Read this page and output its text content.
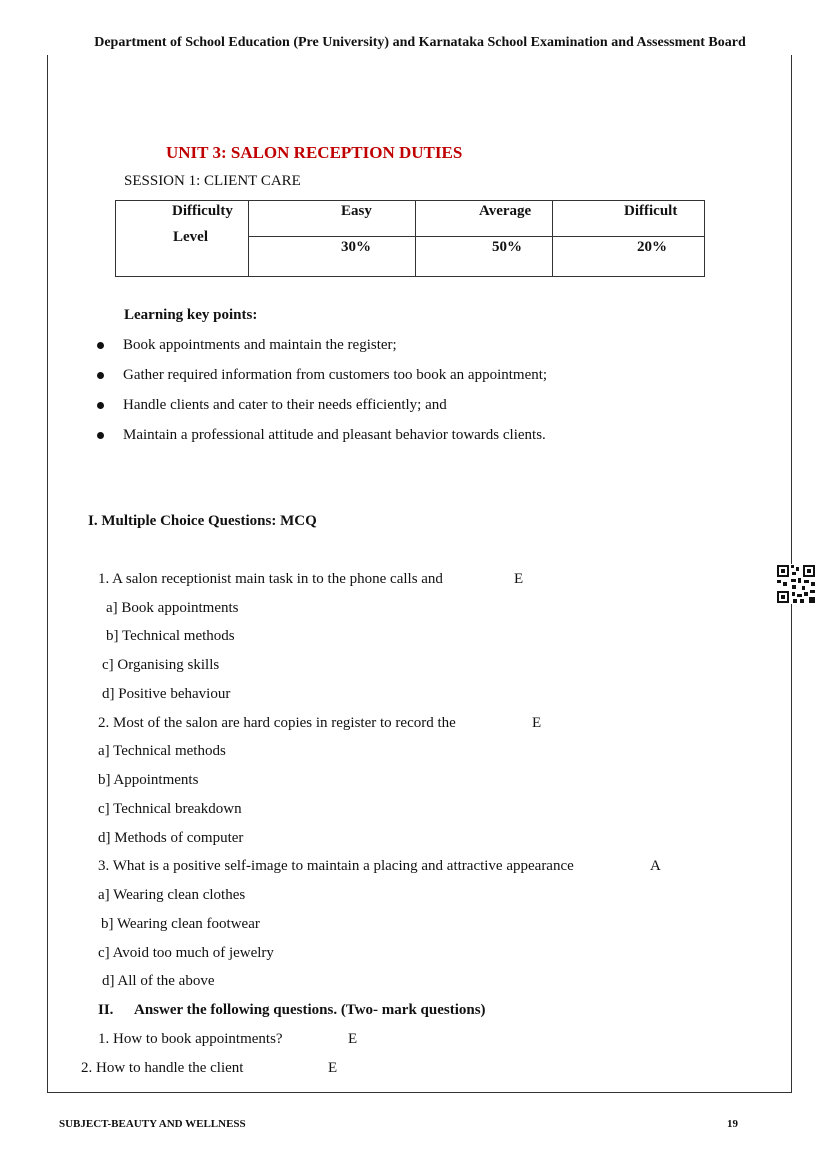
Department of School Education (Pre University) and Karnataka School Examination and Assessment Board
UNIT 3: SALON RECEPTION DUTIES
SESSION 1: CLIENT CARE
Difficulty
Level	Easy	Average	Difficult

	30%	50%	20%
Learning key points:
Book appointments and maintain the register;
Gather required information from customers too book an appointment;
Handle clients and cater to their needs efficiently; and
Maintain a professional attitude and pleasant behavior towards clients.
I. Multiple Choice Questions: MCQ
1. A salon receptionist main task in to the phone calls and	E
a] Book appointments
b] Technical methods
c] Organising skills
d] Positive behaviour
2. Most of the salon are hard copies in register to record the	E
a] Technical methods
b] Appointments
c] Technical breakdown
d] Methods of computer
3. What is a positive self-image to maintain a placing and attractive appearance	A
a] Wearing clean clothes
b] Wearing clean footwear
c] Avoid too much of jewelry
d] All of the above
II. Answer the following questions. (Two- mark questions)
1. How to book appointments?	E
2. How to handle the client	E
SUBJECT-BEAUTY AND WELLNESS	19
